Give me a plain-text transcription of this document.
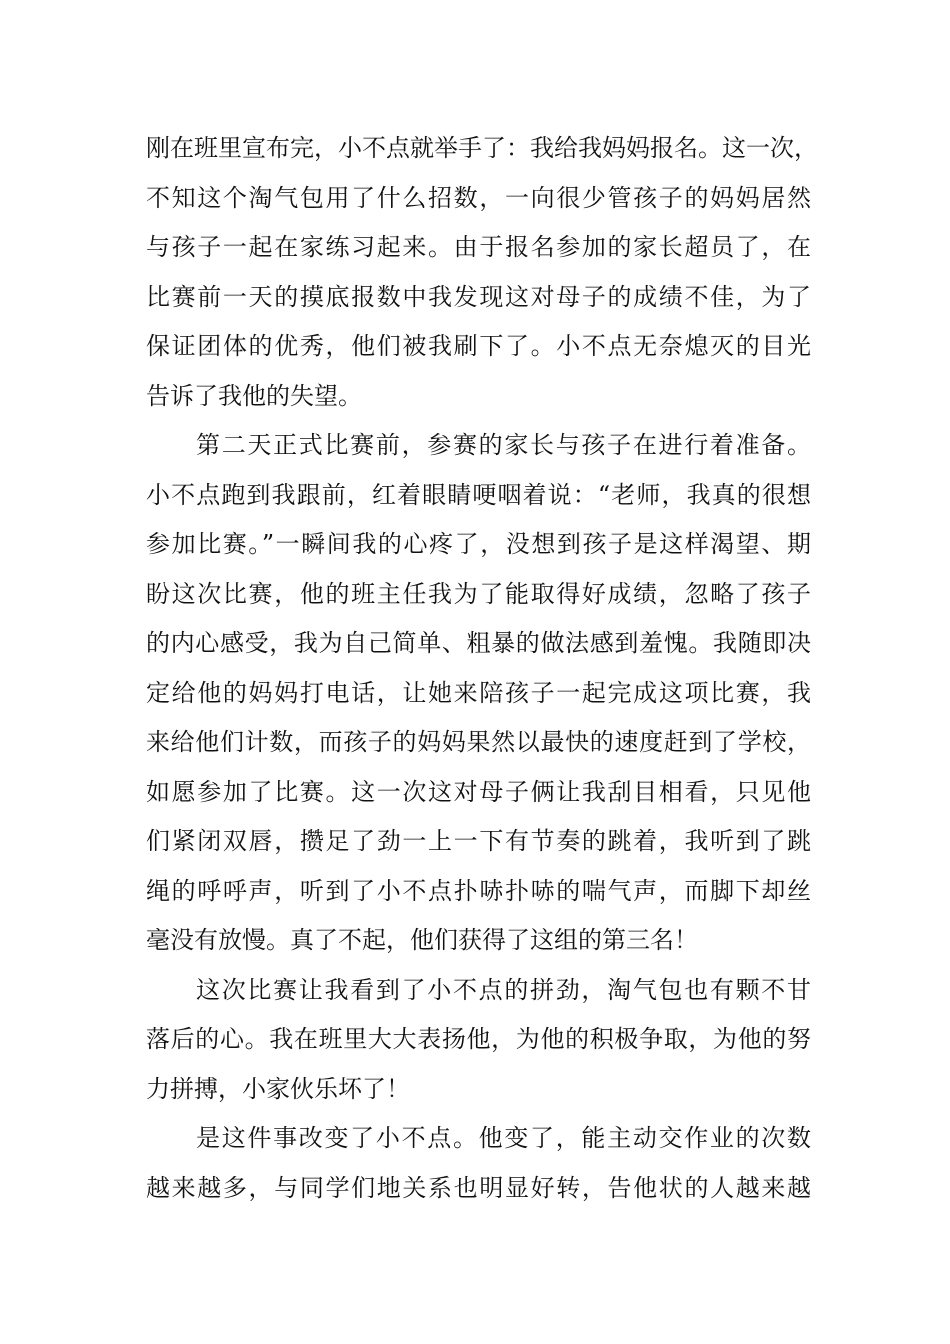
刚在班里宣布完，小不点就举手了：我给我妈妈报名。这一次，
不知这个淘气包用了什么招数，一向很少管孩子的妈妈居然
与孩子一起在家练习起来。由于报名参加的家长超员了，在
比赛前一天的摸底报数中我发现这对母子的成绩不佳，为了
保证团体的优秀，他们被我刷下了。小不点无奈熄灭的目光
告诉了我他的失望。
第二天正式比赛前，参赛的家长与孩子在进行着准备。
小不点跑到我跟前，红着眼睛哽咽着说：“老师，我真的很想
参加比赛。”一瞬间我的心疼了，没想到孩子是这样渴望、期
盼这次比赛，他的班主任我为了能取得好成绩，忽略了孩子
的内心感受，我为自己简单、粗暴的做法感到羞愧。我随即决
定给他的妈妈打电话，让她来陪孩子一起完成这项比赛，我
来给他们计数，而孩子的妈妈果然以最快的速度赶到了学校，
如愿参加了比赛。这一次这对母子俩让我刮目相看，只见他
们紧闭双唇，攒足了劲一上一下有节奏的跳着，我听到了跳
绳的呼呼声，听到了小不点扑哧扑哧的喘气声，而脚下却丝
毫没有放慢。真了不起，他们获得了这组的第三名！
这次比赛让我看到了小不点的拼劲，淘气包也有颗不甘
落后的心。我在班里大大表扬他，为他的积极争取，为他的努
力拼搏，小家伙乐坏了！
是这件事改变了小不点。他变了，能主动交作业的次数
越来越多，与同学们地关系也明显好转，告他状的人越来越
